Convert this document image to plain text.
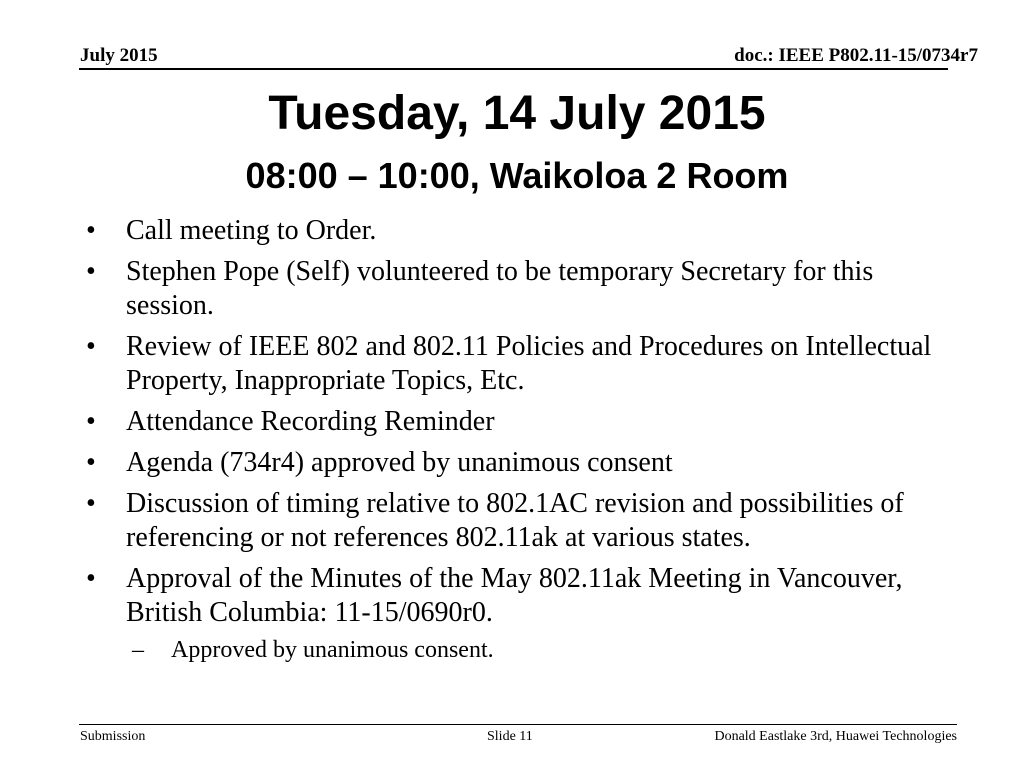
July 2015	doc.: IEEE P802.11-15/0734r7
Tuesday, 14 July 2015
08:00 – 10:00, Waikoloa 2 Room
• Call meeting to Order.
• Stephen Pope (Self) volunteered to be temporary Secretary for this session.
• Review of IEEE 802 and 802.11 Policies and Procedures on Intellectual Property, Inappropriate Topics, Etc.
• Attendance Recording Reminder
• Agenda (734r4) approved by unanimous consent
• Discussion of timing relative to 802.1AC revision and possibilities of referencing or not references 802.11ak at various states.
• Approval of the Minutes of the May 802.11ak Meeting in Vancouver, British Columbia: 11-15/0690r0.
– Approved by unanimous consent.
Submission	Slide 11	Donald Eastlake 3rd, Huawei Technologies
